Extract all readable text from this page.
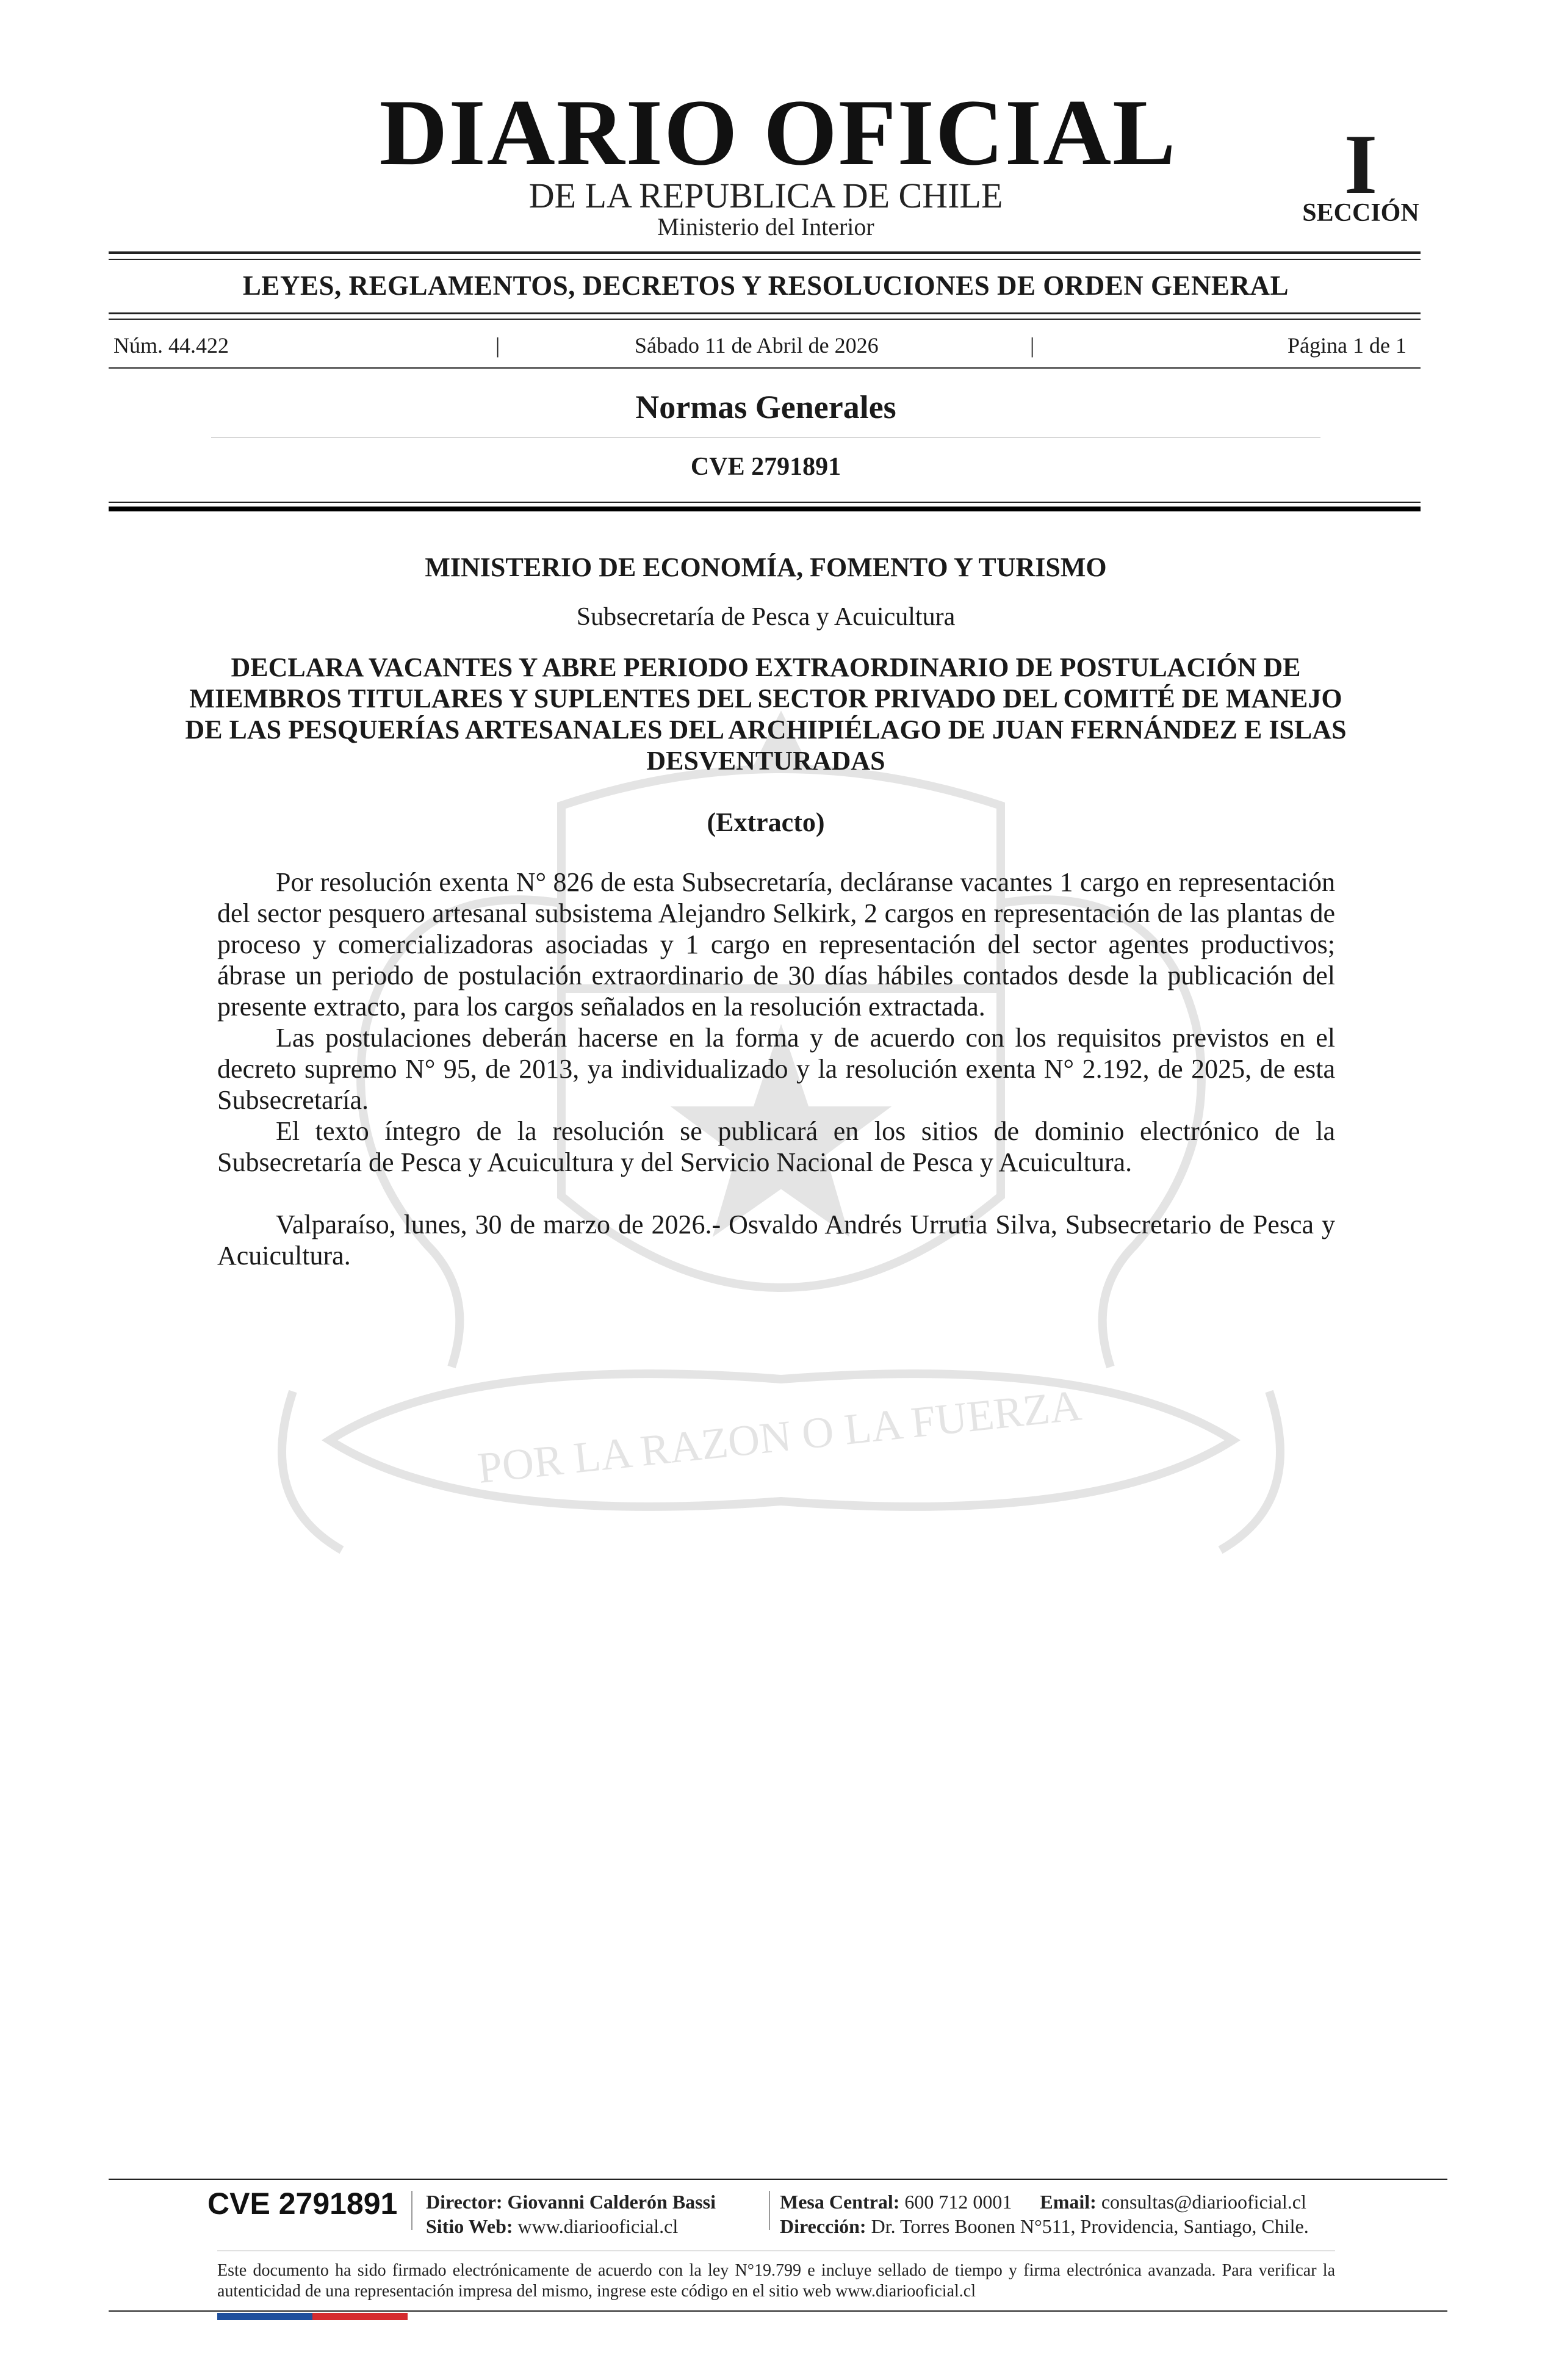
POR LA RAZON O LA FUERZA
DIARIO OFICIAL
DE LA REPUBLICA DE CHILE
Ministerio del Interior
I
SECCIÓN
LEYES, REGLAMENTOS, DECRETOS Y RESOLUCIONES DE ORDEN GENERAL
Núm. 44.422	|	Sábado 11 de Abril de 2026	|	Página 1 de 1
Normas Generales
CVE 2791891
MINISTERIO DE ECONOMÍA, FOMENTO Y TURISMO
Subsecretaría de Pesca y Acuicultura
DECLARA VACANTES Y ABRE PERIODO EXTRAORDINARIO DE POSTULACIÓN DE MIEMBROS TITULARES Y SUPLENTES DEL SECTOR PRIVADO DEL COMITÉ DE MANEJO DE LAS PESQUERÍAS ARTESANALES DEL ARCHIPIÉLAGO DE JUAN FERNÁNDEZ E ISLAS DESVENTURADAS
(Extracto)

Por resolución exenta N° 826 de esta Subsecretaría, decláranse vacantes 1 cargo en representación del sector pesquero artesanal subsistema Alejandro Selkirk, 2 cargos en representación de las plantas de proceso y comercializadoras asociadas y 1 cargo en representación del sector agentes productivos; ábrase un periodo de postulación extraordinario de 30 días hábiles contados desde la publicación del presente extracto, para los cargos señalados en la resolución extractada.

Las postulaciones deberán hacerse en la forma y de acuerdo con los requisitos previstos en el decreto supremo N° 95, de 2013, ya individualizado y la resolución exenta N° 2.192, de 2025, de esta Subsecretaría.

El texto íntegro de la resolución se publicará en los sitios de dominio electrónico de la Subsecretaría de Pesca y Acuicultura y del Servicio Nacional de Pesca y Acuicultura.

Valparaíso, lunes, 30 de marzo de 2026.- Osvaldo Andrés Urrutia Silva, Subsecretario de Pesca y Acuicultura.

CVE 2791891 Director: Giovanni Calderón Bassi
Sitio Web: www.diariooficial.cl
Mesa Central: 600 712 0001 Email: consultas@diariooficial.cl
Dirección: Dr. Torres Boonen N°511, Providencia, Santiago, Chile.
Este documento ha sido firmado electrónicamente de acuerdo con la ley N°19.799 e incluye sellado de tiempo y firma electrónica avanzada. Para verificar la autenticidad de una representación impresa del mismo, ingrese este código en el sitio web www.diariooficial.cl
